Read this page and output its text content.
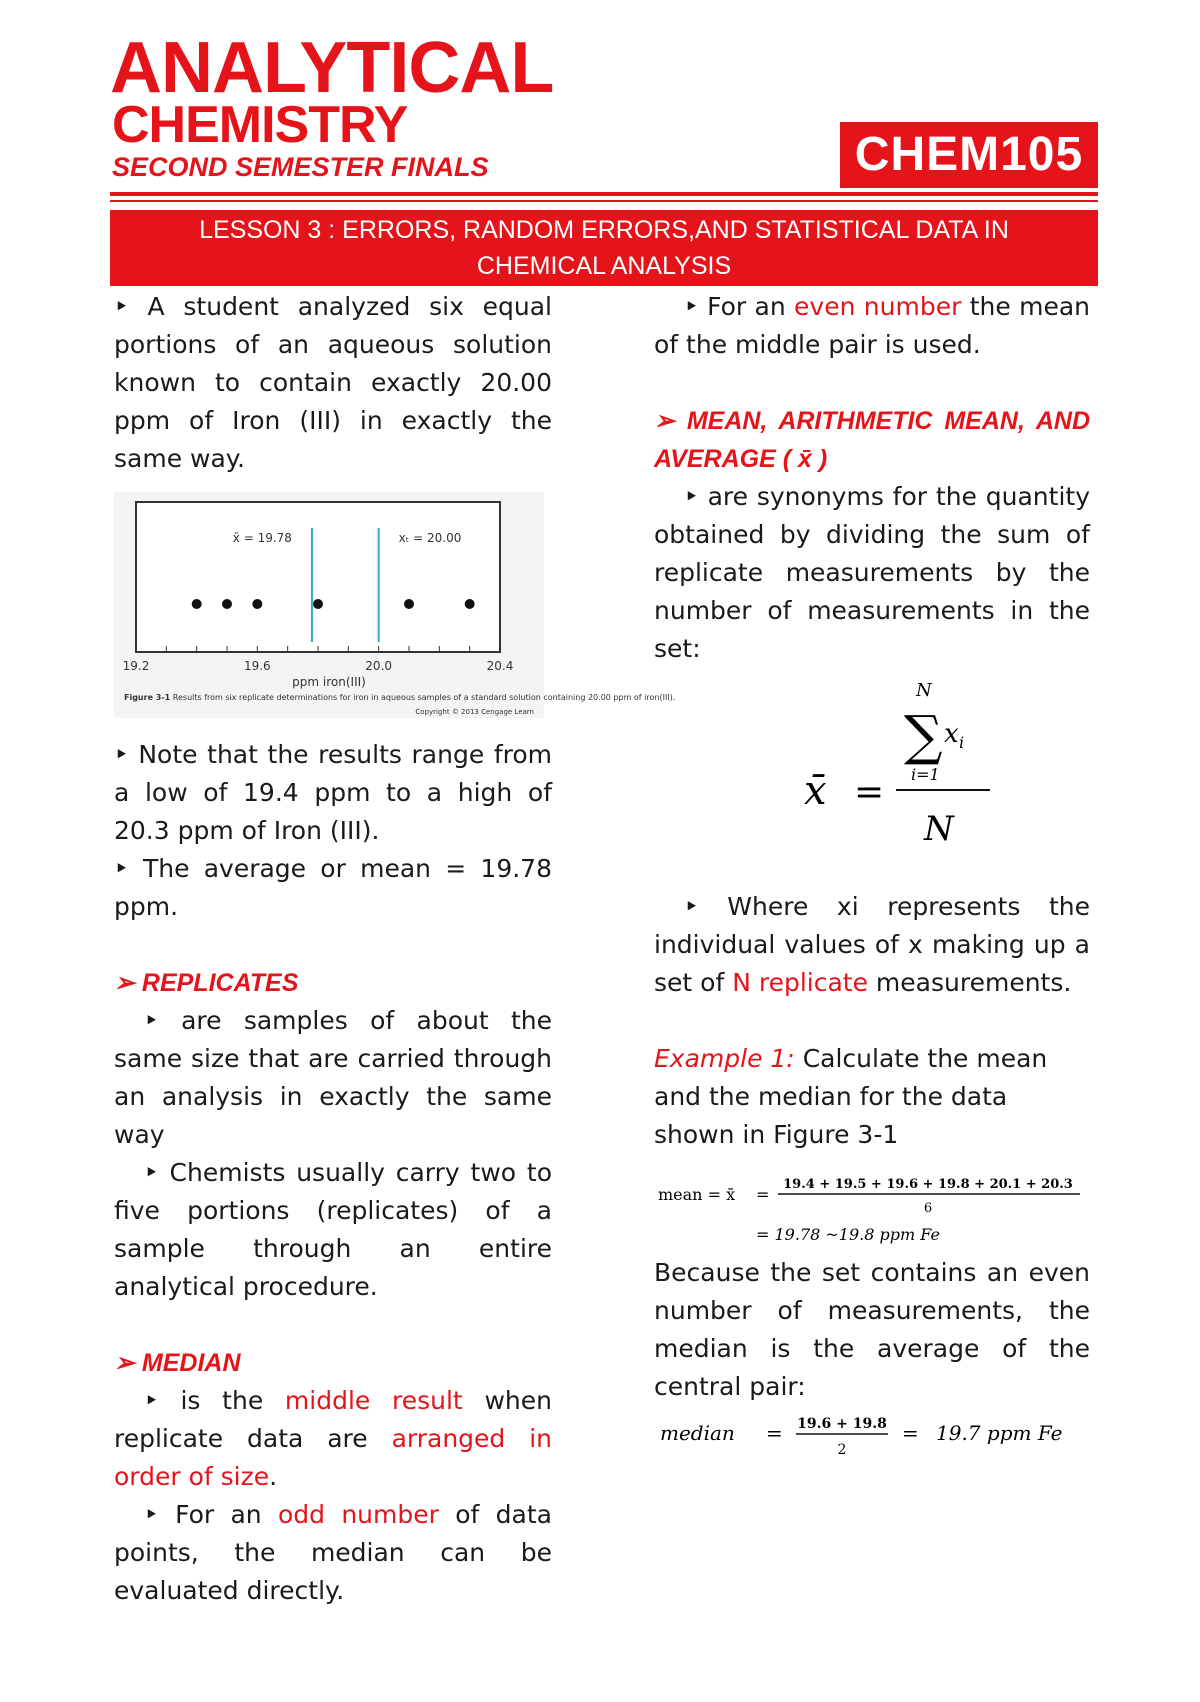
ANALYTICAL
CHEMISTRY
SECOND SEMESTER FINALS	CHEM105
LESSON 3 : ERRORS, RANDOM ERRORS,AND STATISTICAL DATA IN
CHEMICAL ANALYSIS

‣ A student analyzed six equal portions of an aqueous solution known to contain exactly 20.00 ppm of Iron (III) in exactly the same way.

x̄ = 19.78	xₜ = 20.00
19.2	19.6	20.0	20.4
ppm iron(III)
Figure 3-1 Results from six replicate determinations for iron in aqueous samples of a standard solution containing 20.00 ppm of iron(III).
Copyright © 2013 Cengage Learn

‣ Note that the results range from a low of 19.4 ppm to a high of 20.3 ppm of Iron (III).

‣ The average or mean = 19.78 ppm.

➢ REPLICATES

‣ are samples of about the same size that are carried through an analysis in exactly the same way

‣ Chemists usually carry two to five portions (replicates) of a sample through an entire analytical procedure.

➢ MEDIAN

‣ is the middle result when replicate data are arranged in order of size.

‣ For an odd number of data points, the median can be evaluated directly.

‣ For an even number the mean of the middle pair is used.

➢ MEAN, ARITHMETIC MEAN, AND AVERAGE ( x̄ )

‣ are synonyms for the quantity obtained by dividing the sum of replicate measurements by the number of measurements in the set:

x̄ =
N
∑
i=1
x i
N

‣ Where xi represents the individual values of x making up a set of N replicate measurements.

Example 1: Calculate the mean and the median for the data shown in Figure 3-1

mean = x̄ =
19.4 + 19.5 + 19.6 + 19.8 + 20.1 + 20.3
6
= 19.78 ~19.8 ppm Fe

Because the set contains an even number of measurements, the median is the average of the central pair:

median = 19.6 + 19.8
2
= 19.7 ppm Fe
